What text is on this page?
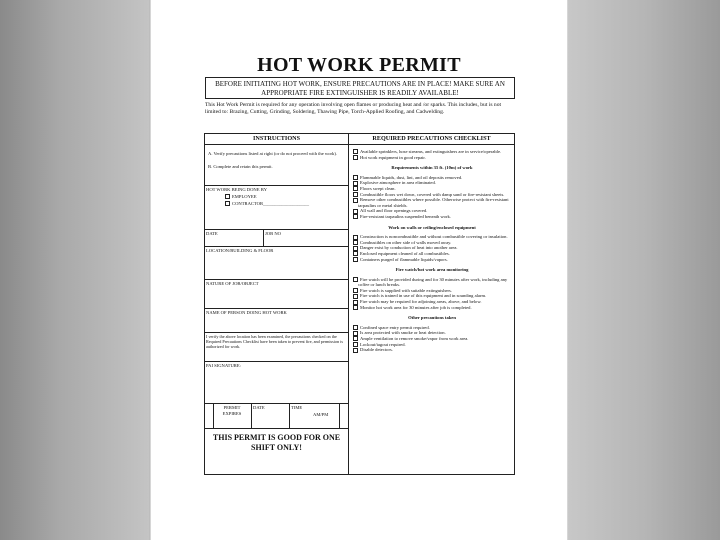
HOT WORK PERMIT
BEFORE INITIATING HOT WORK, ENSURE PRECAUTIONS ARE IN PLACE! MAKE SURE AN APPROPRIATE FIRE EXTINGUISHER IS READILY AVAILABLE!
This Hot Work Permit is required for any operation involving open flames or producing heat and /or sparks. This includes, but is not limited to: Brazing, Cutting, Grinding, Soldering, Thawing Pipe, Torch-Applied Roofing, and Cadwelding.
INSTRUCTIONS
A. Verify precautions listed at right (or do not proceed with the work).
B. Complete and retain this permit.
HOT WORK BEING DONE BY
EMPLOYEE
CONTRACTOR____________________
DATE	JOB NO
LOCATION/BUILDING & FLOOR
NATURE OF JOB/OBJECT
NAME OF PERSON DOING HOT WORK
I verify the above location has been examined, the precautions checked on the Required Precautions Checklist have been taken to prevent fire, and permission is authorized for work.
PAI SIGNATURE:
PERMIT EXPIRES
DATE	TIME
AM/PM
THIS PERMIT IS GOOD FOR ONE SHIFT ONLY!
REQUIRED PRECAUTIONS CHECKLIST
Available sprinklers, hose streams, and extinguishers are in service/operable.
Hot work equipment in good repair.
Requirements within 35 ft. (10m) of work
Flammable liquids, dust, lint, and oil deposits removed.
Explosive atmosphere in area eliminated.
Floors swept clean.
Combustible floors wet down, covered with damp sand or fire-resistant sheets.
Remove other combustibles where possible. Otherwise protect with fire-resistant tarpaulins or metal shields.
All wall and floor openings covered.
Fire-resistant tarpaulins suspended beneath work.
Work on walls or ceiling/enclosed equipment
Construction is noncombustible and without combustible covering or insulation.
Combustibles on other side of walls moved away.
Danger exist by conduction of heat into another area.
Enclosed equipment cleaned of all combustibles.
Containers purged of flammable liquids/vapors.
Fire watch/hot work area monitoring
Fire watch will be provided during and for 30 minutes after work, including any coffee or lunch breaks.
Fire watch is supplied with suitable extinguishers.
Fire watch is trained in use of this equipment and in sounding alarm.
Fire watch may be required for adjoining areas, above, and below.
Monitor hot work area for 30 minutes after job is completed.
Other precautions taken
Confined space entry permit required.
Is area protected with smoke or heat detection.
Ample ventilation to remove smoke/vapor from work area.
Lockout/tagout required.
Disable detectors.
